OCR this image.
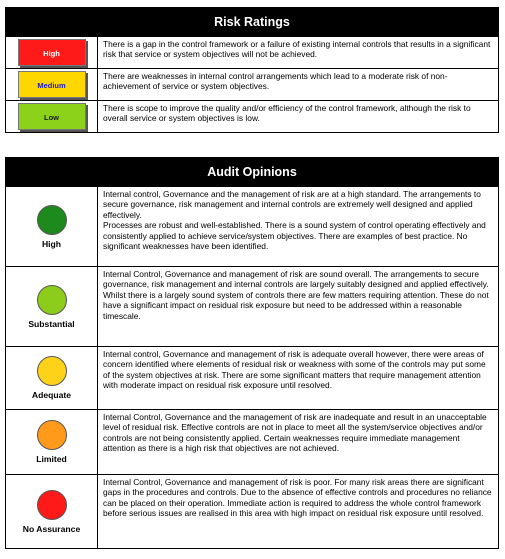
Risk Ratings	
High	There is a gap in the control framework or a failure of existing internal controls that results in a significant risk that service or system objectives will not be achieved.
Medium	There are weaknesses in internal control arrangements which lead to a moderate risk of non-achievement of service or system objectives.
Low	There is scope to improve the quality and/or efficiency of the control framework, although the risk to overall service or system objectives is low.
Audit Opinions	

High	Internal control, Governance and the management of risk are at a high standard. The arrangements to secure governance, risk management and internal controls are extremely well designed and applied effectively.
Processes are robust and well-established. There is a sound system of control operating effectively and consistently applied to achieve service/system objectives. There are examples of best practice. No significant weaknesses have been identified.

Substantial	Internal Control, Governance and management of risk are sound overall. The arrangements to secure governance, risk management and internal controls are largely suitably designed and applied effectively.
Whilst there is a largely sound system of controls there are few matters requiring attention. These do not have a significant impact on residual risk exposure but need to be addressed within a reasonable timescale.

Adequate	Internal control, Governance and management of risk is adequate overall however, there were areas of concern identified where elements of residual risk or weakness with some of the controls may put some of the system objectives at risk. There are some significant matters that require management attention with moderate impact on residual risk exposure until resolved.

Limited	Internal Control, Governance and the management of risk are inadequate and result in an unacceptable level of residual risk. Effective controls are not in place to meet all the system/service objectives and/or controls are not being consistently applied. Certain weaknesses require immediate management attention as there is a high risk that objectives are not achieved.

No Assurance	Internal Control, Governance and management of risk is poor. For many risk areas there are significant gaps in the procedures and controls. Due to the absence of effective controls and procedures no reliance can be placed on their operation. Immediate action is required to address the whole control framework before serious issues are realised in this area with high impact on residual risk exposure until resolved.
